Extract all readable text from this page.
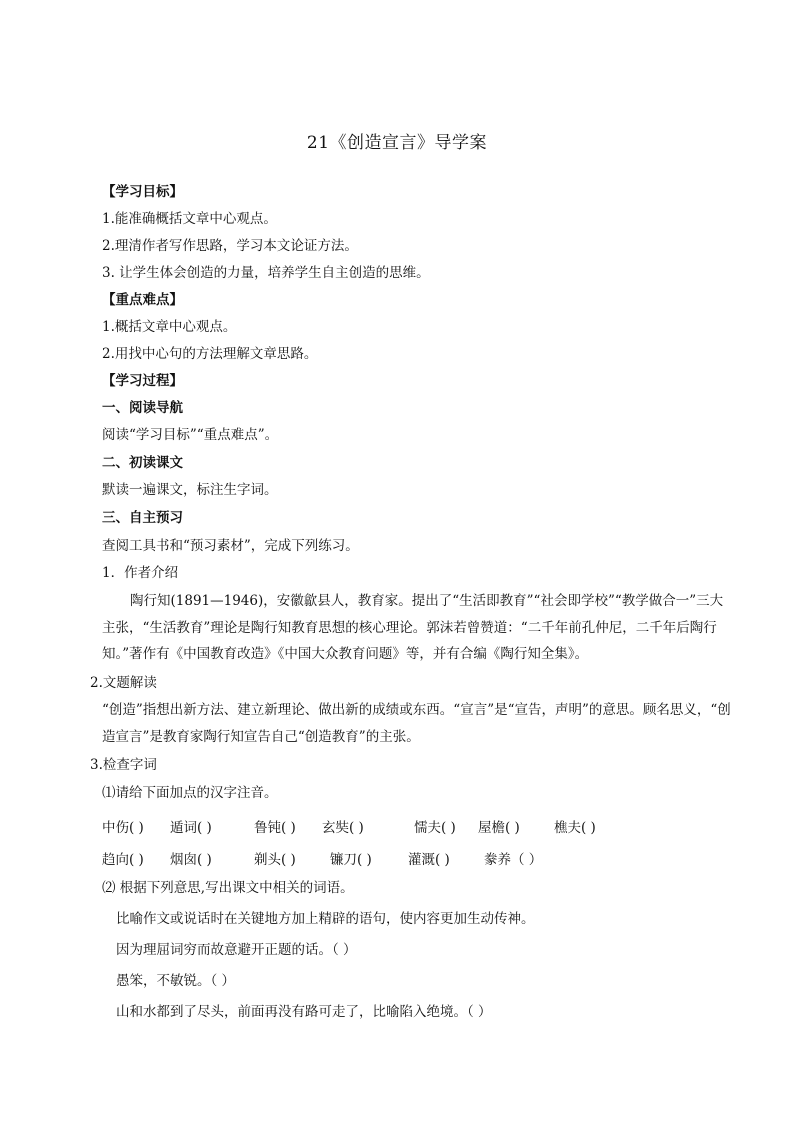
21《创造宣言》导学案
【学习目标】
1.能准确概括文章中心观点。
2.理清作者写作思路，学习本文论证方法。
3. 让学生体会创造的力量，培养学生自主创造的思维。
【重点难点】
1.概括文章中心观点。
2.用找中心句的方法理解文章思路。
【学习过程】
一、阅读导航
阅读“学习目标”“重点难点”。
二、初读课文
默读一遍课文，标注生字词。
三、自主预习
查阅工具书和“预习素材”，完成下列练习。
1．作者介绍
陶行知(1891—1946)，安徽歙县人，教育家。提出了“生活即教育”“社会即学校”“教学做合一”三大主张，“生活教育”理论是陶行知教育思想的核心理论。郭沫若曾赞道：“二千年前孔仲尼，二千年后陶行知。”著作有《中国教育改造》《中国大众教育问题》等，并有合编《陶行知全集》。
2.文题解读
“创造”指想出新方法、建立新理论、做出新的成绩或东西。“宣言”是“宣告，声明”的意思。顾名思义，“创造宣言”是教育家陶行知宣告自己“创造教育”的主张。
3.检查字词
⑴请给下面加点的汉字注音。
中伤( ) 遁词( )	鲁钝( ) 玄奘( )	懦夫( ) 屋檐( )	樵夫( )
趋向( ) 烟囱( )	剃头( )	镰刀( )	灌溉( )	豢养（ ）
⑵ 根据下列意思,写出课文中相关的词语。
比喻作文或说话时在关键地方加上精辟的语句，使内容更加生动传神。
因为理屈词穷而故意避开正题的话。（ ）
愚笨，不敏锐。（ ）
山和水都到了尽头，前面再没有路可走了，比喻陷入绝境。（ ）
